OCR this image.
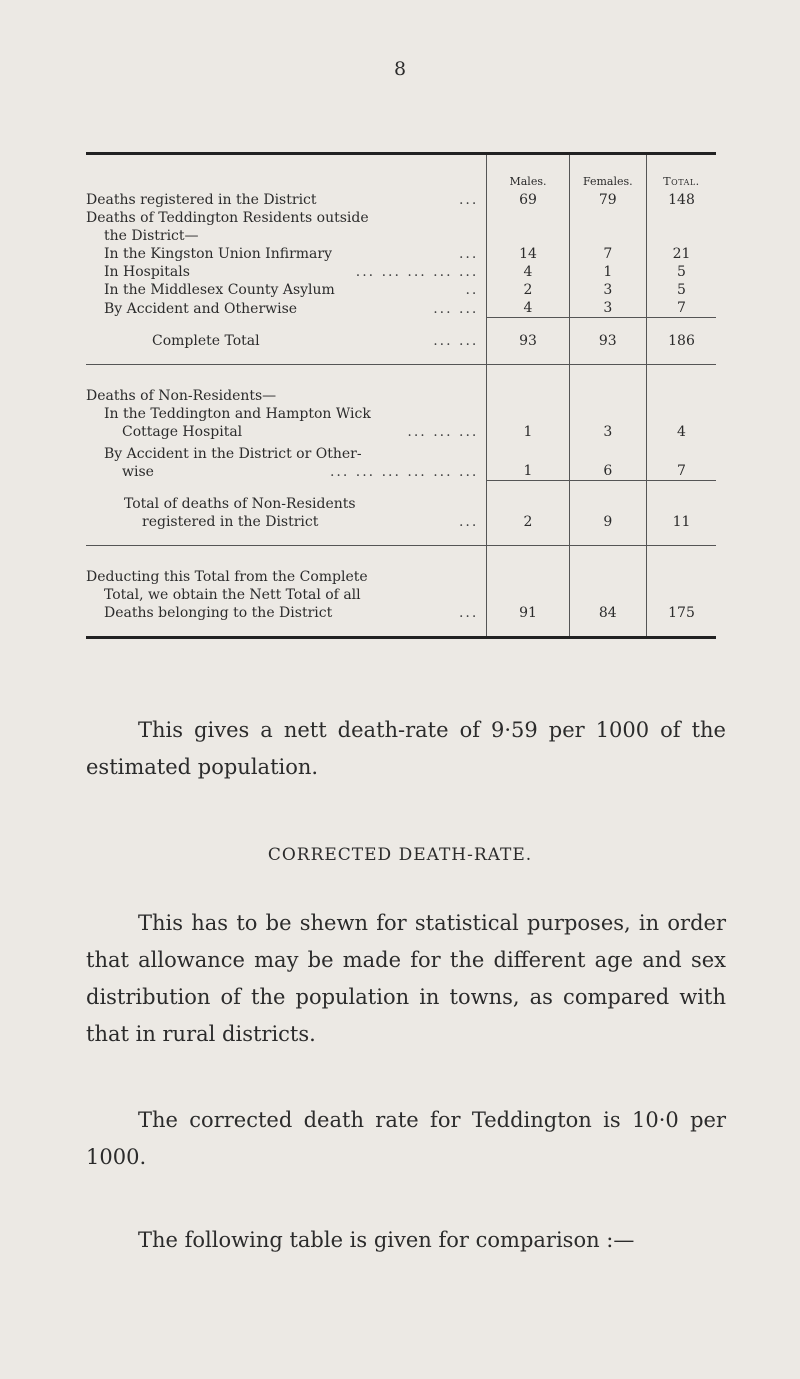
8
	Males.	Females.	Total.

Deaths registered in the District ...	69	79	148

Deaths of Teddington Residents outside
the District—			

In the Kingston Union Infirmary ...	14	7	21

In Hospitals ... ... ... ... ...	4	1	5

In the Middlesex County Asylum ..	2	3	5

By Accident and Otherwise ... ...	4	3	7

Complete Total ... ...	93	93	186

Deaths of Non-Residents—			

In the Teddington and Hampton Wick
Cottage Hospital ... ... ...	1	3	4

By Accident in the District or Other-
wise ... ... ... ... ... ...	1	6	7

Total of deaths of Non-Residents
registered in the District ...	2	9	11

Deducting this Total from the Complete
Total, we obtain the Nett Total of all
Deaths belonging to the District ...	91	84	175

This gives a nett death-rate of 9·59 per 1000 of the estimated population.

CORRECTED DEATH-RATE.

This has to be shewn for statistical purposes, in order that allowance may be made for the different age and sex distribution of the population in towns, as compared with that in rural districts.

The corrected death rate for Teddington is 10·0 per 1000.

The following table is given for comparison :—
